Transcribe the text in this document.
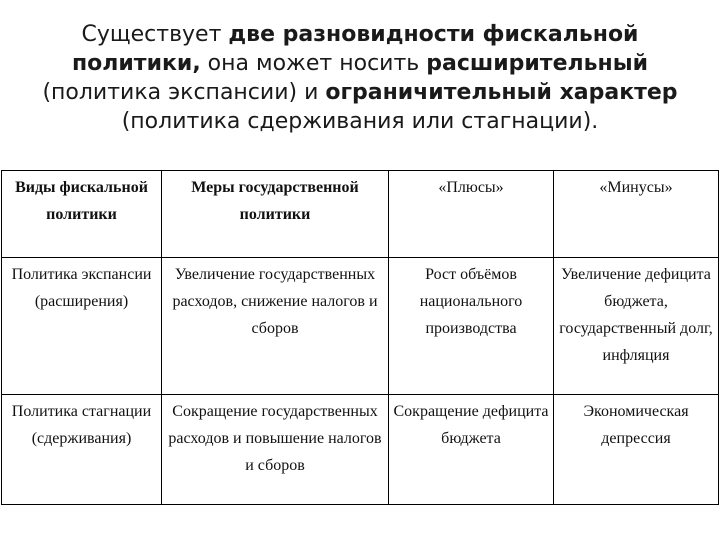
Существует две разновидности фискальной политики, она может носить расширительный (политика экспансии) и ограничительный характер (политика сдерживания или стагнации).
Виды фискальной политики	Меры государственной политики	«Плюсы»	«Минусы»
Политика экспансии (расширения)	Увеличение государственных расходов, снижение налогов и сборов	Рост объёмов национального производства	Увеличение дефицита бюджета, государственный долг, инфляция
Политика стагнации (сдерживания)	Сокращение государственных расходов и повышение налогов и сборов	Сокращение дефицита бюджета	Экономическая депрессия
